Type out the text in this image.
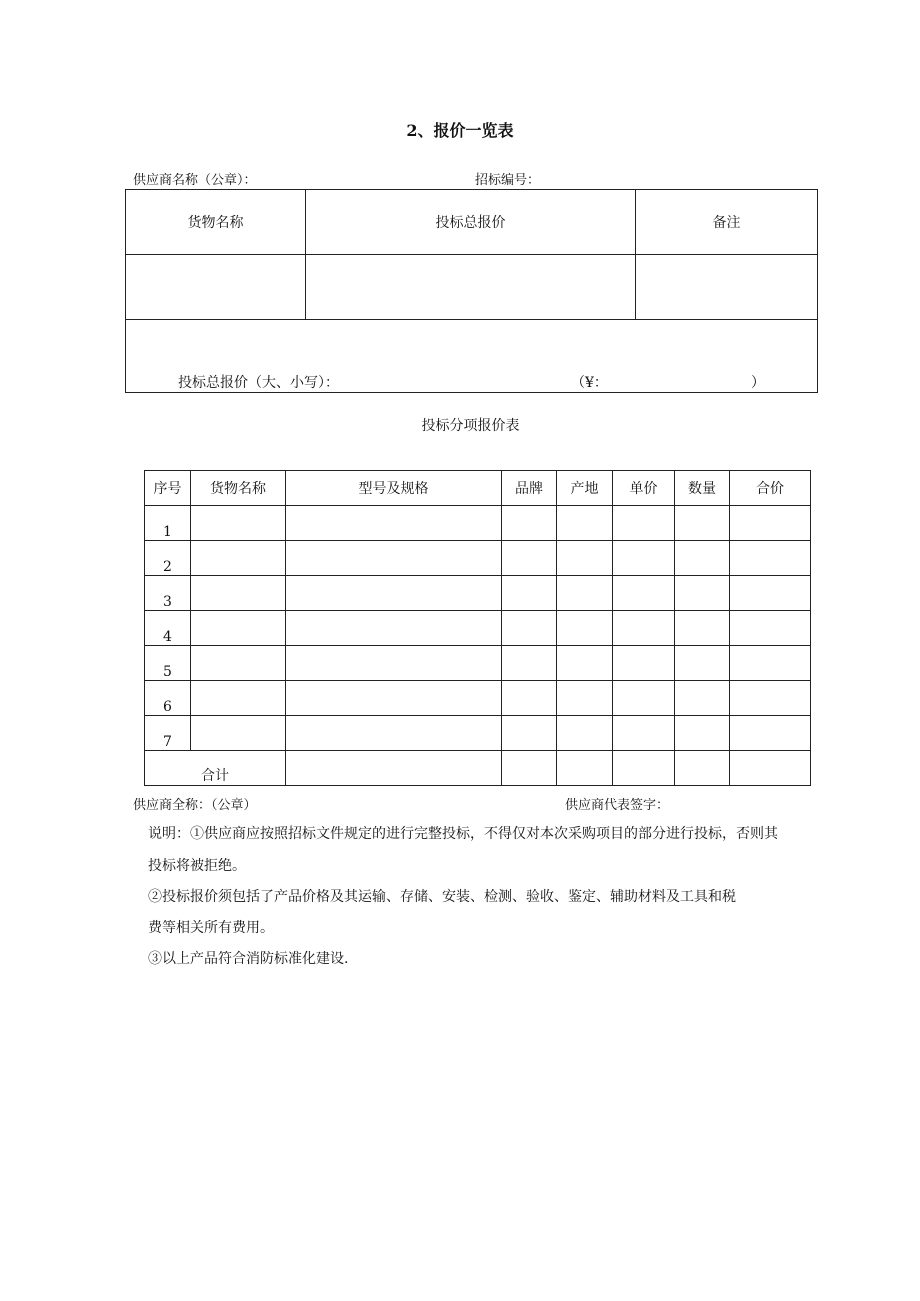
2、报价一览表
供应商名称（公章）：	招标编号：
货物名称	投标总报价	备注

投标总报价（大、小写）： （¥： ）		
投标分项报价表
序号	货物名称	型号及规格	品牌	产地	单价	数量	合价
1							
2							
3							
4							
5							
6							
7							
合计							
供应商全称：（公章）	供应商代表签字：
说明：①供应商应按照招标文件规定的进行完整投标，不得仅对本次采购项目的部分进行投标，否则其
投标将被拒绝。
②投标报价须包括了产品价格及其运输、存储、安装、检测、验收、鉴定、辅助材料及工具和税
费等相关所有费用。
③以上产品符合消防标准化建设.
